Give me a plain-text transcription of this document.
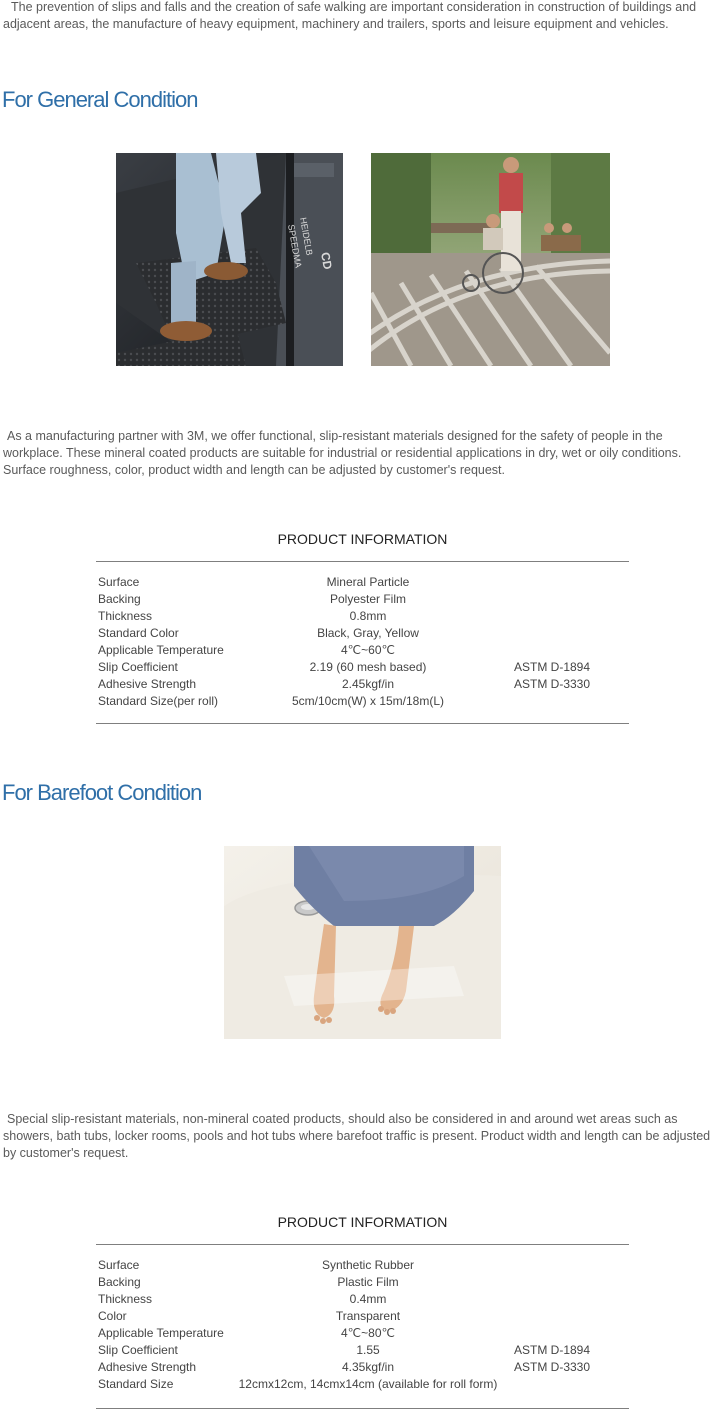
The prevention of slips and falls and the creation of safe walking are important consideration in construction of buildings and adjacent areas, the manufacture of heavy equipment, machinery and trailers, sports and leisure equipment and vehicles.

For General Condition
HEIDELB
SPEEDMA CD

As a manufacturing partner with 3M, we offer functional, slip-resistant materials designed for the safety of people in the workplace. These mineral coated products are suitable for industrial or residential applications in dry, wet or oily conditions. Surface roughness, color, product width and length can be adjusted by customer's request.

PRODUCT INFORMATION
Surface	Mineral Particle
Backing	Polyester Film
Thickness	0.8mm
Standard Color	Black, Gray, Yellow
Applicable Temperature	4℃~60℃
Slip Coefficient	2.19 (60 mesh based)	ASTM D-1894
Adhesive Strength	2.45kgf/in	ASTM D-3330
Standard Size(per roll)	5cm/10cm(W) x 15m/18m(L)
For Barefoot Condition

Special slip-resistant materials, non-mineral coated products, should also be considered in and around wet areas such as showers, bath tubs, locker rooms, pools and hot tubs where barefoot traffic is present. Product width and length can be adjusted by customer's request.

PRODUCT INFORMATION
Surface	Synthetic Rubber
Backing	Plastic Film
Thickness	0.4mm
Color	Transparent
Applicable Temperature	4℃~80℃
Slip Coefficient	1.55	ASTM D-1894
Adhesive Strength	4.35kgf/in	ASTM D-3330
Standard Size	12cmx12cm, 14cmx14cm (available for roll form)
